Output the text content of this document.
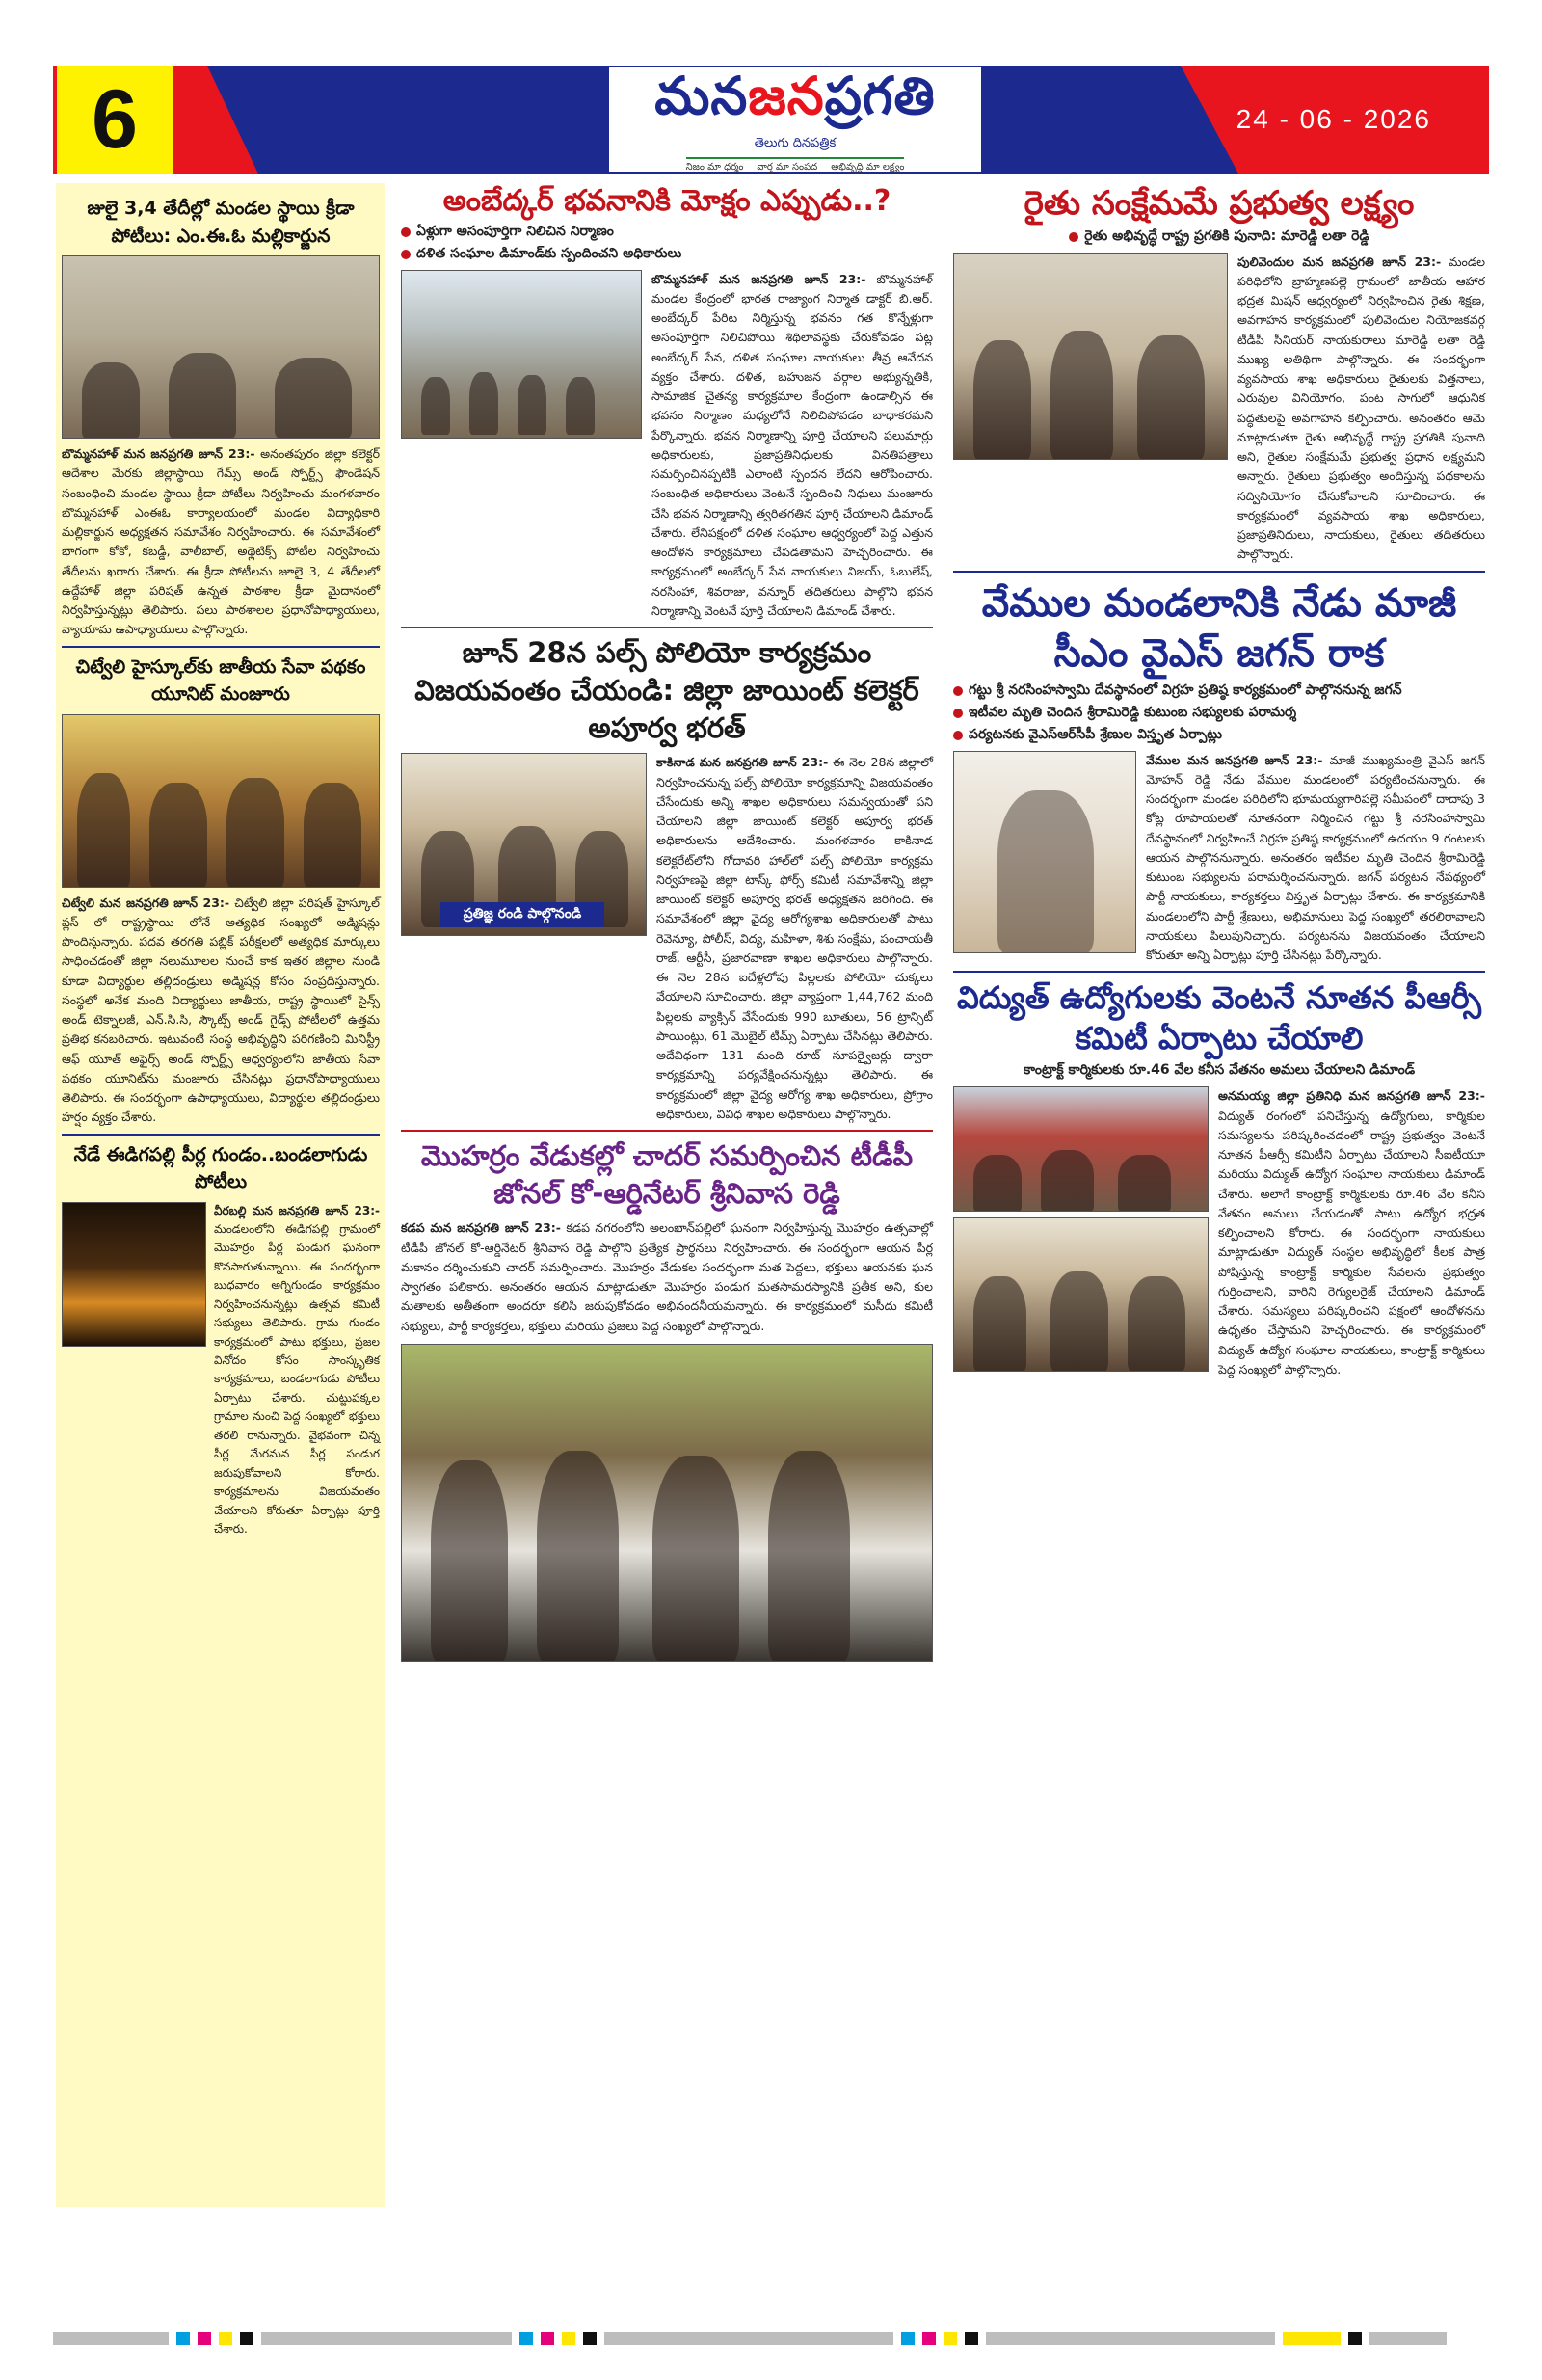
6	మనజనప్రగతి
తెలుగు దినపత్రిక
నిజం మా ధర్మం వార్త మా సంపద అభివృద్ధి మా లక్ష్యం
24 - 06 - 2026
జులై 3,4 తేదీల్లో మండల స్థాయి క్రీడా పోటీలు: ఎం.ఈ.ఓ మల్లికార్జున

బొమ్మనహాళ్ మన జనప్రగతి జూన్ 23:- అనంతపురం జిల్లా కలెక్టర్ ఆదేశాల మేరకు జిల్లాస్థాయి గేమ్స్ అండ్ స్పోర్ట్స్ ఫౌండేషన్ సంబంధించి మండల స్థాయి క్రీడా పోటీలు నిర్వహించు మంగళవారం బొమ్మనహాళ్ ఎంఈఓ కార్యాలయంలో మండల విద్యాధికారి మల్లికార్జున అధ్యక్షతన సమావేశం నిర్వహించారు. ఈ సమావేశంలో భాగంగా కోకో, కబడ్డీ, వాలీబాల్, అథ్లెటిక్స్ పోటీల నిర్వహించు తేదీలను ఖరారు చేశారు. ఈ క్రీడా పోటీలను జూలై 3, 4 తేదీలలో ఉద్దేహాళ్ జిల్లా పరిషత్ ఉన్నత పాఠశాల క్రీడా మైదానంలో నిర్వహిస్తున్నట్లు తెలిపారు. పలు పాఠశాలల ప్రధానోపాధ్యాయులు, వ్యాయామ ఉపాధ్యాయులు పాల్గొన్నారు.

చిట్వేలి హైస్కూల్‌కు జాతీయ సేవా పథకం యూనిట్ మంజూరు

చిట్వేలి మన జనప్రగతి జూన్ 23:- చిట్వేలి జిల్లా పరిషత్ హైస్కూల్ ప్లస్ లో రాష్ట్రస్థాయి లోనే అత్యధిక సంఖ్యలో అడ్మిషన్లు పొందిస్తున్నారు. పదవ తరగతి పబ్లిక్ పరీక్షలలో అత్యధిక మార్కులు సాధించడంతో జిల్లా నలుమూలల నుంచే కాక ఇతర జిల్లాల నుండి కూడా విద్యార్థుల తల్లిదండ్రులు అడ్మిషన్ల కోసం సంప్రదిస్తున్నారు. సంస్థలో అనేక మంది విద్యార్థులు జాతీయ, రాష్ట్ర స్థాయిలో సైన్స్ అండ్ టెక్నాలజీ, ఎన్.సి.సి, స్కౌట్స్ అండ్ గైడ్స్ పోటీలలో ఉత్తమ ప్రతిభ కనబరిచారు. ఇటువంటి సంస్థ అభివృద్ధిని పరిగణించి మినిస్ట్రీ ఆఫ్ యూత్ అఫైర్స్ అండ్ స్పోర్ట్స్ ఆధ్వర్యంలోని జాతీయ సేవా పథకం యూనిట్‌ను మంజూరు చేసినట్లు ప్రధానోపాధ్యాయులు తెలిపారు. ఈ సందర్భంగా ఉపాధ్యాయులు, విద్యార్థుల తల్లిదండ్రులు హర్షం వ్యక్తం చేశారు.

నేడే ఈడిగపల్లి పీర్ల గుండం..బండలాగుడు పోటీలు

వీరబల్లి మన జనప్రగతి జూన్ 23:- మండలంలోని ఈడిగపల్లి గ్రామంలో మొహర్రం పీర్ల పండుగ ఘనంగా కొనసాగుతున్నాయి. ఈ సందర్భంగా బుధవారం అగ్నిగుండం కార్యక్రమం నిర్వహించనున్నట్లు ఉత్సవ కమిటీ సభ్యులు తెలిపారు. గ్రామ గుండం కార్యక్రమంలో పాటు భక్తులు, ప్రజల వినోదం కోసం సాంస్కృతిక కార్యక్రమాలు, బండలాగుడు పోటీలు ఏర్పాటు చేశారు. చుట్టుపక్కల గ్రామాల నుంచి పెద్ద సంఖ్యలో భక్తులు తరలి రానున్నారు. వైభవంగా చిన్న పీర్ల మేరమన పీర్ల పండుగ జరుపుకోవాలని కోరారు. కార్యక్రమాలను విజయవంతం చేయాలని కోరుతూ ఏర్పాట్లు పూర్తి చేశారు.

అంబేద్కర్ భవనానికి మోక్షం ఎప్పుడు..?
ఏళ్లుగా అసంపూర్తిగా నిలిచిన నిర్మాణం
దళిత సంఘాల డిమాండ్‌కు స్పందించని అధికారులు

బొమ్మనహాళ్ మన జనప్రగతి జూన్ 23:- బొమ్మనహాళ్ మండల కేంద్రంలో భారత రాజ్యాంగ నిర్మాత డాక్టర్ బి.ఆర్. అంబేద్కర్ పేరిట నిర్మిస్తున్న భవనం గత కొన్నేళ్లుగా అసంపూర్తిగా నిలిచిపోయి శిథిలావస్థకు చేరుకోవడం పట్ల అంబేద్కర్ సేన, దళిత సంఘాల నాయకులు తీవ్ర ఆవేదన వ్యక్తం చేశారు. దళిత, బహుజన వర్గాల అభ్యున్నతికి, సామాజిక చైతన్య కార్యక్రమాల కేంద్రంగా ఉండాల్సిన ఈ భవనం నిర్మాణం మధ్యలోనే నిలిచిపోవడం బాధాకరమని పేర్కొన్నారు. భవన నిర్మాణాన్ని పూర్తి చేయాలని పలుమార్లు అధికారులకు, ప్రజాప్రతినిధులకు వినతిపత్రాలు సమర్పించినప్పటికీ ఎలాంటి స్పందన లేదని ఆరోపించారు. సంబంధిత అధికారులు వెంటనే స్పందించి నిధులు మంజూరు చేసి భవన నిర్మాణాన్ని త్వరితగతిన పూర్తి చేయాలని డిమాండ్ చేశారు. లేనిపక్షంలో దళిత సంఘాల ఆధ్వర్యంలో పెద్ద ఎత్తున ఆందోళన కార్యక్రమాలు చేపడతామని హెచ్చరించారు. ఈ కార్యక్రమంలో అంబేద్కర్ సేన నాయకులు విజయ్, ఓబులేష్, నరసింహా, శివరాజు, వన్నూర్ తదితరులు పాల్గొని భవన నిర్మాణాన్ని వెంటనే పూర్తి చేయాలని డిమాండ్ చేశారు.

జూన్ 28న పల్స్ పోలియో కార్యక్రమం విజయవంతం చేయండి: జిల్లా జాయింట్ కలెక్టర్ అపూర్వ భరత్
ప్రతిజ్ఞ రండి పాల్గొనండి

కాకినాడ మన జనప్రగతి జూన్ 23:- ఈ నెల 28న జిల్లాలో నిర్వహించనున్న పల్స్ పోలియో కార్యక్రమాన్ని విజయవంతం చేసేందుకు అన్ని శాఖల అధికారులు సమన్వయంతో పని చేయాలని జిల్లా జాయింట్ కలెక్టర్ అపూర్వ భరత్ అధికారులను ఆదేశించారు. మంగళవారం కాకినాడ కలెక్టరేట్‌లోని గోదావరి హాల్‌లో పల్స్ పోలియో కార్యక్రమ నిర్వహణపై జిల్లా టాస్క్ ఫోర్స్ కమిటీ సమావేశాన్ని జిల్లా జాయింట్ కలెక్టర్ అపూర్వ భరత్ అధ్యక్షతన జరిగింది. ఈ సమావేశంలో జిల్లా వైద్య ఆరోగ్యశాఖ అధికారులతో పాటు రెవెన్యూ, పోలీస్, విద్య, మహిళా, శిశు సంక్షేమ, పంచాయతీ రాజ్, ఆర్టీసీ, ప్రజారవాణా శాఖల అధికారులు పాల్గొన్నారు. ఈ నెల 28న ఐదేళ్లలోపు పిల్లలకు పోలియో చుక్కలు వేయాలని సూచించారు. జిల్లా వ్యాప్తంగా 1,44,762 మంది పిల్లలకు వ్యాక్సిన్ వేసేందుకు 990 బూతులు, 56 ట్రాన్సిట్ పాయింట్లు, 61 మొబైల్ టీమ్స్ ఏర్పాటు చేసినట్లు తెలిపారు. అదేవిధంగా 131 మంది రూట్ సూపర్వైజర్లు ద్వారా కార్యక్రమాన్ని పర్యవేక్షించనున్నట్లు తెలిపారు. ఈ కార్యక్రమంలో జిల్లా వైద్య ఆరోగ్య శాఖ అధికారులు, ప్రోగ్రాం అధికారులు, వివిధ శాఖల అధికారులు పాల్గొన్నారు.

మొహర్రం వేడుకల్లో చాదర్ సమర్పించిన టీడీపీ జోనల్ కో-ఆర్డినేటర్ శ్రీనివాస రెడ్డి

కడప మన జనప్రగతి జూన్ 23:- కడప నగరంలోని అలంఖాన్‌పల్లిలో ఘనంగా నిర్వహిస్తున్న మొహర్రం ఉత్సవాల్లో టీడీపీ జోనల్ కో-ఆర్డినేటర్ శ్రీనివాస రెడ్డి పాల్గొని ప్రత్యేక ప్రార్థనలు నిర్వహించారు. ఈ సందర్భంగా ఆయన పీర్ల మకానం దర్శించుకుని చాదర్ సమర్పించారు. మొహర్రం వేడుకల సందర్భంగా మత పెద్దలు, భక్తులు ఆయనకు ఘన స్వాగతం పలికారు. అనంతరం ఆయన మాట్లాడుతూ మొహర్రం పండుగ మతసామరస్యానికి ప్రతీక అని, కుల మతాలకు అతీతంగా అందరూ కలిసి జరుపుకోవడం అభినందనీయమన్నారు. ఈ కార్యక్రమంలో మసీదు కమిటీ సభ్యులు, పార్టీ కార్యకర్తలు, భక్తులు మరియు ప్రజలు పెద్ద సంఖ్యలో పాల్గొన్నారు.

రైతు సంక్షేమమే ప్రభుత్వ లక్ష్యం
రైతు అభివృద్ధే రాష్ట్ర ప్రగతికి పునాది: మారెడ్డి లతా రెడ్డి

పులివెందుల మన జనప్రగతి జూన్ 23:- మండల పరిధిలోని బ్రాహ్మణపల్లె గ్రామంలో జాతీయ ఆహార భద్రత మిషన్ ఆధ్వర్యంలో నిర్వహించిన రైతు శిక్షణ, అవగాహన కార్యక్రమంలో పులివెందుల నియోజకవర్గ టీడీపీ సీనియర్ నాయకురాలు మారెడ్డి లతా రెడ్డి ముఖ్య అతిథిగా పాల్గొన్నారు. ఈ సందర్భంగా వ్యవసాయ శాఖ అధికారులు రైతులకు విత్తనాలు, ఎరువుల వినియోగం, పంట సాగులో ఆధునిక పద్ధతులపై అవగాహన కల్పించారు. అనంతరం ఆమె మాట్లాడుతూ రైతు అభివృద్ధే రాష్ట్ర ప్రగతికి పునాది అని, రైతుల సంక్షేమమే ప్రభుత్వ ప్రధాన లక్ష్యమని అన్నారు. రైతులు ప్రభుత్వం అందిస్తున్న పథకాలను సద్వినియోగం చేసుకోవాలని సూచించారు. ఈ కార్యక్రమంలో వ్యవసాయ శాఖ అధికారులు, ప్రజాప్రతినిధులు, నాయకులు, రైతులు తదితరులు పాల్గొన్నారు.

వేముల మండలానికి నేడు మాజీ సీఎం వైఎస్ జగన్ రాక
గట్టు శ్రీ నరసింహస్వామి దేవస్థానంలో విగ్రహ ప్రతిష్ఠ కార్యక్రమంలో పాల్గొననున్న జగన్
ఇటీవల మృతి చెందిన శ్రీరామిరెడ్డి కుటుంబ సభ్యులకు పరామర్శ
పర్యటనకు వైఎస్ఆర్‌సీపీ శ్రేణుల విస్తృత ఏర్పాట్లు

వేముల మన జనప్రగతి జూన్ 23:- మాజీ ముఖ్యమంత్రి వైఎస్ జగన్ మోహన్ రెడ్డి నేడు వేముల మండలంలో పర్యటించనున్నారు. ఈ సందర్భంగా మండల పరిధిలోని భూమయ్యగారిపల్లె సమీపంలో దాదాపు 3 కోట్ల రూపాయలతో నూతనంగా నిర్మించిన గట్టు శ్రీ నరసింహస్వామి దేవస్థానంలో నిర్వహించే విగ్రహ ప్రతిష్ఠ కార్యక్రమంలో ఉదయం 9 గంటలకు ఆయన పాల్గొననున్నారు. అనంతరం ఇటీవల మృతి చెందిన శ్రీరామిరెడ్డి కుటుంబ సభ్యులను పరామర్శించనున్నారు. జగన్ పర్యటన నేపథ్యంలో పార్టీ నాయకులు, కార్యకర్తలు విస్తృత ఏర్పాట్లు చేశారు. ఈ కార్యక్రమానికి మండలంలోని పార్టీ శ్రేణులు, అభిమానులు పెద్ద సంఖ్యలో తరలిరావాలని నాయకులు పిలుపునిచ్చారు. పర్యటనను విజయవంతం చేయాలని కోరుతూ అన్ని ఏర్పాట్లు పూర్తి చేసినట్లు పేర్కొన్నారు.

విద్యుత్ ఉద్యోగులకు వెంటనే నూతన పీఆర్సీ కమిటీ ఏర్పాటు చేయాలి
కాంట్రాక్ట్ కార్మికులకు రూ.46 వేల కనీస వేతనం అమలు చేయాలని డిమాండ్

అనమయ్య జిల్లా ప్రతినిధి మన జనప్రగతి జూన్ 23:- విద్యుత్ రంగంలో పనిచేస్తున్న ఉద్యోగులు, కార్మికుల సమస్యలను పరిష్కరించడంలో రాష్ట్ర ప్రభుత్వం వెంటనే నూతన పీఆర్సీ కమిటీని ఏర్పాటు చేయాలని సీఐటీయూ మరియు విద్యుత్ ఉద్యోగ సంఘాల నాయకులు డిమాండ్ చేశారు. అలాగే కాంట్రాక్ట్ కార్మికులకు రూ.46 వేల కనీస వేతనం అమలు చేయడంతో పాటు ఉద్యోగ భద్రత కల్పించాలని కోరారు. ఈ సందర్భంగా నాయకులు మాట్లాడుతూ విద్యుత్ సంస్థల అభివృద్ధిలో కీలక పాత్ర పోషిస్తున్న కాంట్రాక్ట్ కార్మికుల సేవలను ప్రభుత్వం గుర్తించాలని, వారిని రెగ్యులరైజ్ చేయాలని డిమాండ్ చేశారు. సమస్యలు పరిష్కరించని పక్షంలో ఆందోళనను ఉధృతం చేస్తామని హెచ్చరించారు. ఈ కార్యక్రమంలో విద్యుత్ ఉద్యోగ సంఘాల నాయకులు, కాంట్రాక్ట్ కార్మికులు పెద్ద సంఖ్యలో పాల్గొన్నారు.
